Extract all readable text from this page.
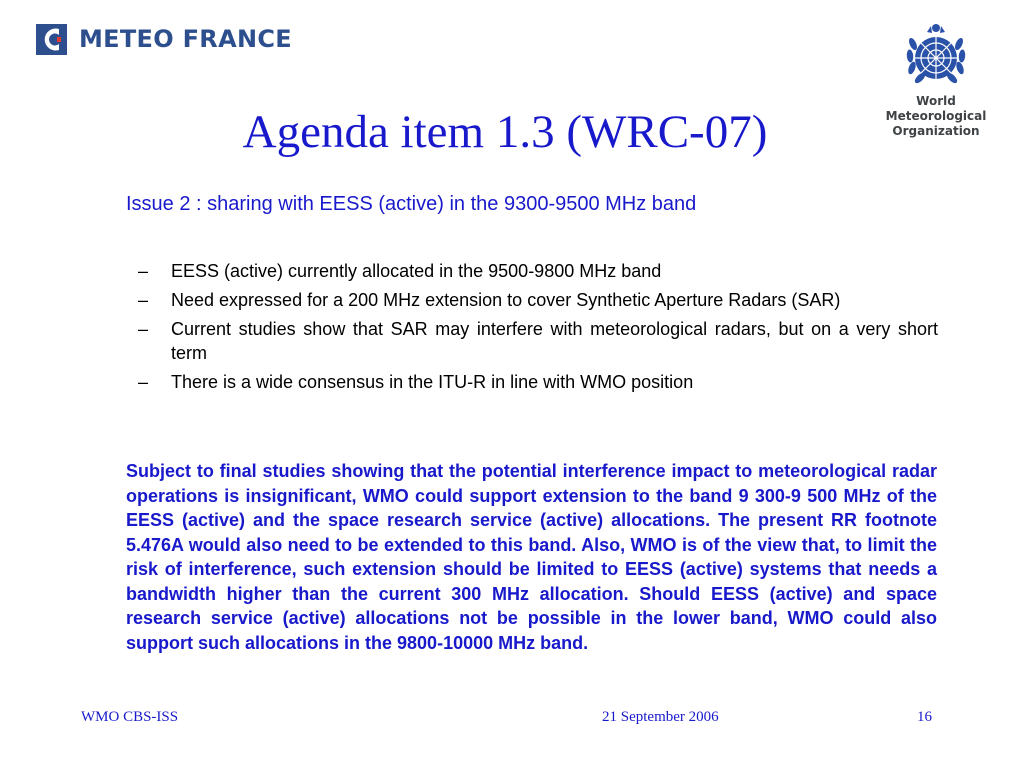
METEO FRANCE
World
Meteorological
Organization
Agenda item 1.3 (WRC-07)
Issue 2 : sharing with EESS (active) in the 9300-9500 MHz band
– EESS (active) currently allocated in the 9500-9800 MHz band
– Need expressed for a 200 MHz extension to cover Synthetic Aperture Radars (SAR)
– Current studies show that SAR may interfere with meteorological radars, but on a very short term
– There is a wide consensus in the ITU-R in line with WMO position

Subject to final studies showing that the potential interference impact to meteorological radar operations is insignificant, WMO could support extension to the band 9 300-9 500 MHz of the EESS (active) and the space research service (active) allocations. The present RR footnote 5.476A would also need to be extended to this band. Also, WMO is of the view that, to limit the risk of interference, such extension should be limited to EESS (active) systems that needs a bandwidth higher than the current 300 MHz allocation. Should EESS (active) and space research service (active) allocations not be possible in the lower band, WMO could also support such allocations in the 9800-10000 MHz band.

WMO CBS-ISS	21 September 2006	16
